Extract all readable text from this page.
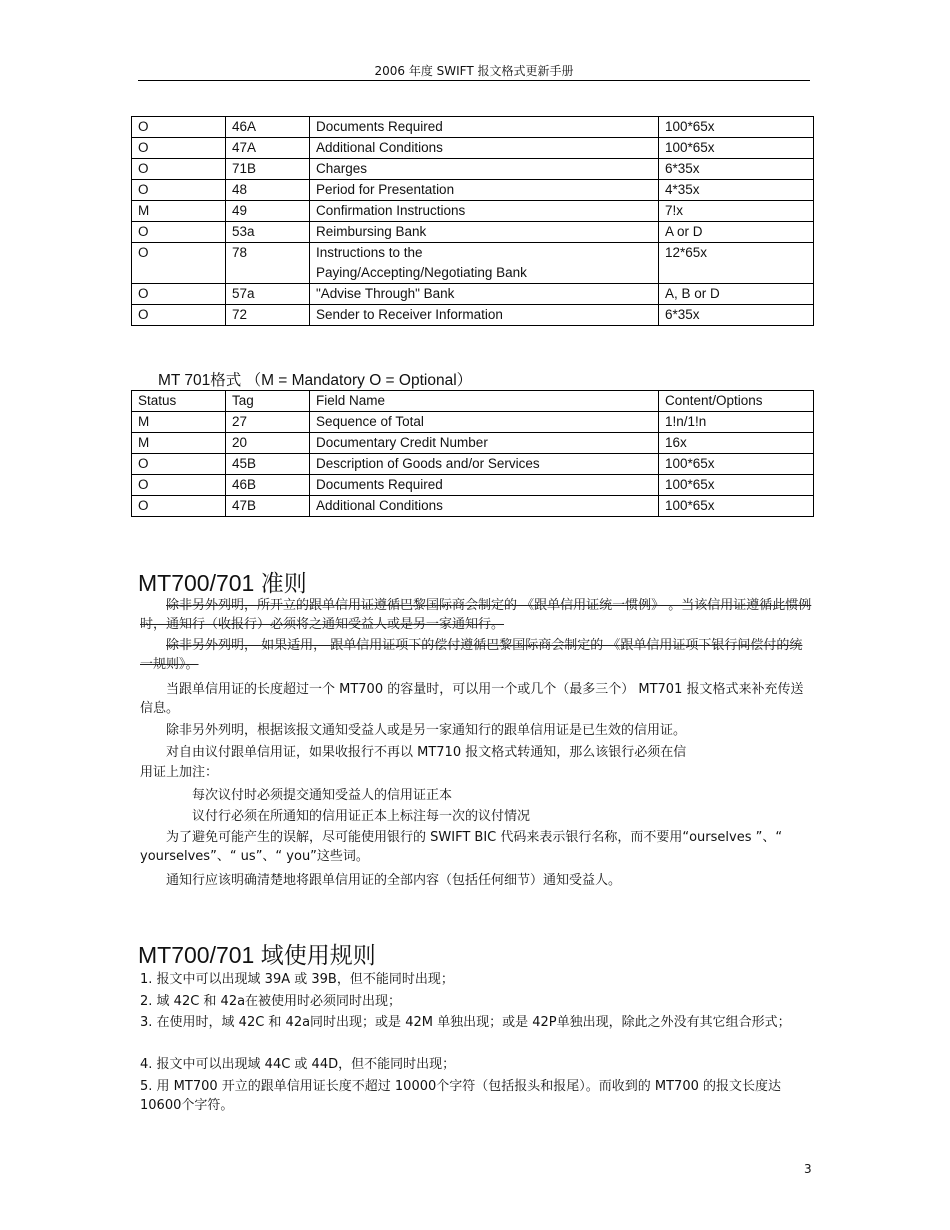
2006 年度 SWIFT 报文格式更新手册
O	46A	Documents Required	100*65x
O	47A	Additional Conditions	100*65x
O	71B	Charges	6*35x
O	48	Period for Presentation	4*35x
M	49	Confirmation Instructions	7!x
O	53a	Reimbursing Bank	A or D
O	78	Instructions to the	12*65x
		Paying/Accepting/Negotiating Bank	
O	57a	"Advise Through" Bank	A, B or D
O	72	Sender to Receiver Information	6*35x
MT 701格式 （M = Mandatory O = Optional）
Status	Tag	Field Name	Content/Options
M	27	Sequence of Total	1!n/1!n
M	20	Documentary Credit Number	16x
O	45B	Description of Goods and/or Services	100*65x
O	46B	Documents Required	100*65x
O	47B	Additional Conditions	100*65x
MT700/701 准则
除非另外列明，所开立的跟单信用证遵循巴黎国际商会制定的 《跟单信用证统一惯例》 。当该信用证遵循此惯例时，通知行（收报行）必须将之通知受益人或是另一家通知行。
除非另外列明， 如果适用， 跟单信用证项下的偿付遵循巴黎国际商会制定的 《跟单信用证项下银行间偿付的统一规则》。
当跟单信用证的长度超过一个 MT700 的容量时，可以用一个或几个（最多三个） MT701 报文格式来补充传送信息。
除非另外列明，根据该报文通知受益人或是另一家通知行的跟单信用证是已生效的信用证。
对自由议付跟单信用证，如果收报行不再以 MT710 报文格式转通知，那么该银行必须在信
用证上加注：
每次议付时必须提交通知受益人的信用证正本
议付行必须在所通知的信用证正本上标注每一次的议付情况
为了避免可能产生的误解，尽可能使用银行的 SWIFT BIC 代码来表示银行名称，而不要用“ourselves ”、“ yourselves”、“ us”、“ you”这些词。
通知行应该明确清楚地将跟单信用证的全部内容（包括任何细节）通知受益人。
MT700/701 域使用规则
1. 报文中可以出现域 39A 或 39B，但不能同时出现；
2. 域 42C 和 42a在被使用时必须同时出现；
3. 在使用时，域 42C 和 42a同时出现；或是 42M 单独出现；或是 42P单独出现，除此之外没有其它组合形式；
4. 报文中可以出现域 44C 或 44D，但不能同时出现；
5. 用 MT700 开立的跟单信用证长度不超过 10000个字符（包括报头和报尾）。而收到的 MT700 的报文长度达 10600个字符。
3
